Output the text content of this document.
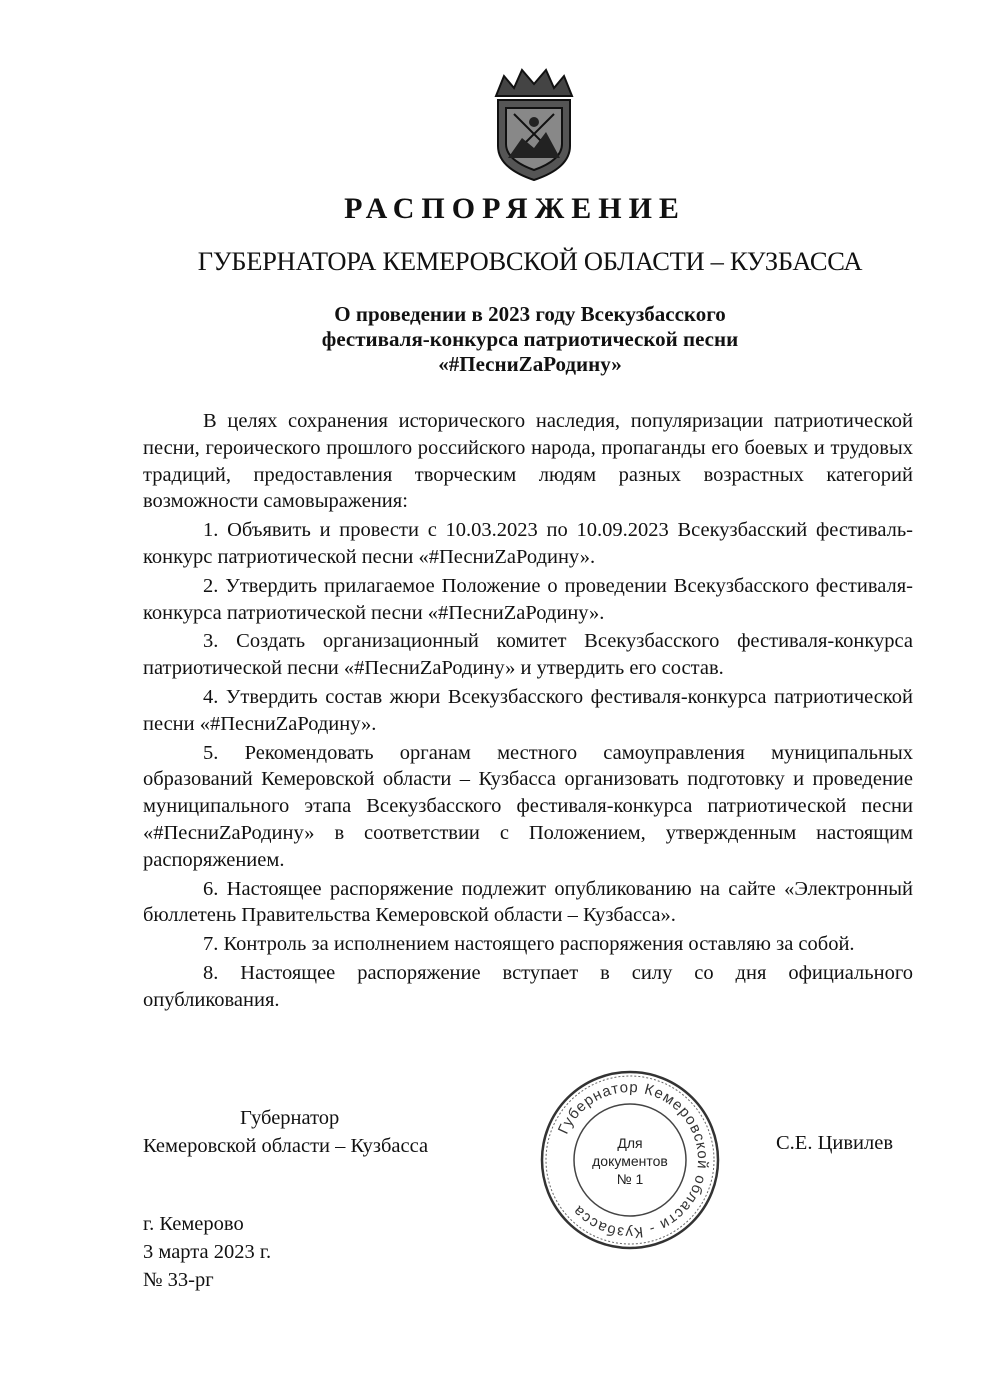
РАСПОРЯЖЕНИЕ
ГУБЕРНАТОРА КЕМЕРОВСКОЙ ОБЛАСТИ – КУЗБАССА
О проведении в 2023 году Всекузбасского
фестиваля-конкурса патриотической песни
«#ПесниZaРодину»

В целях сохранения исторического наследия, популяризации патриотической песни, героического прошлого российского народа, пропаганды его боевых и трудовых традиций, предоставления творческим людям разных возрастных категорий возможности самовыражения:

1. Объявить и провести с 10.03.2023 по 10.09.2023 Всекузбасский фестиваль-конкурс патриотической песни «#ПесниZaРодину».

2. Утвердить прилагаемое Положение о проведении Всекузбасского фестиваля-конкурса патриотической песни «#ПесниZaРодину».

3. Создать организационный комитет Всекузбасского фестиваля-конкурса патриотической песни «#ПесниZaРодину» и утвердить его состав.

4. Утвердить состав жюри Всекузбасского фестиваля-конкурса патриотической песни «#ПесниZaРодину».

5. Рекомендовать органам местного самоуправления муниципальных образований Кемеровской области – Кузбасса организовать подготовку и проведение муниципального этапа Всекузбасского фестиваля-конкурса патриотической песни «#ПесниZaРодину» в соответствии с Положением, утвержденным настоящим распоряжением.

6. Настоящее распоряжение подлежит опубликованию на сайте «Электронный бюллетень Правительства Кемеровской области – Кузбасса».

7. Контроль за исполнением настоящего распоряжения оставляю за собой.

8. Настоящее распоряжение вступает в силу со дня официального опубликования.

Губернатор
Кемеровской области – Кузбасса	С.Е. Цивилев
Губернатор Кемеровской области - Кузбасса
Для
документов
№ 1
г. Кемерово
3 марта 2023 г.
№ 33-рг
